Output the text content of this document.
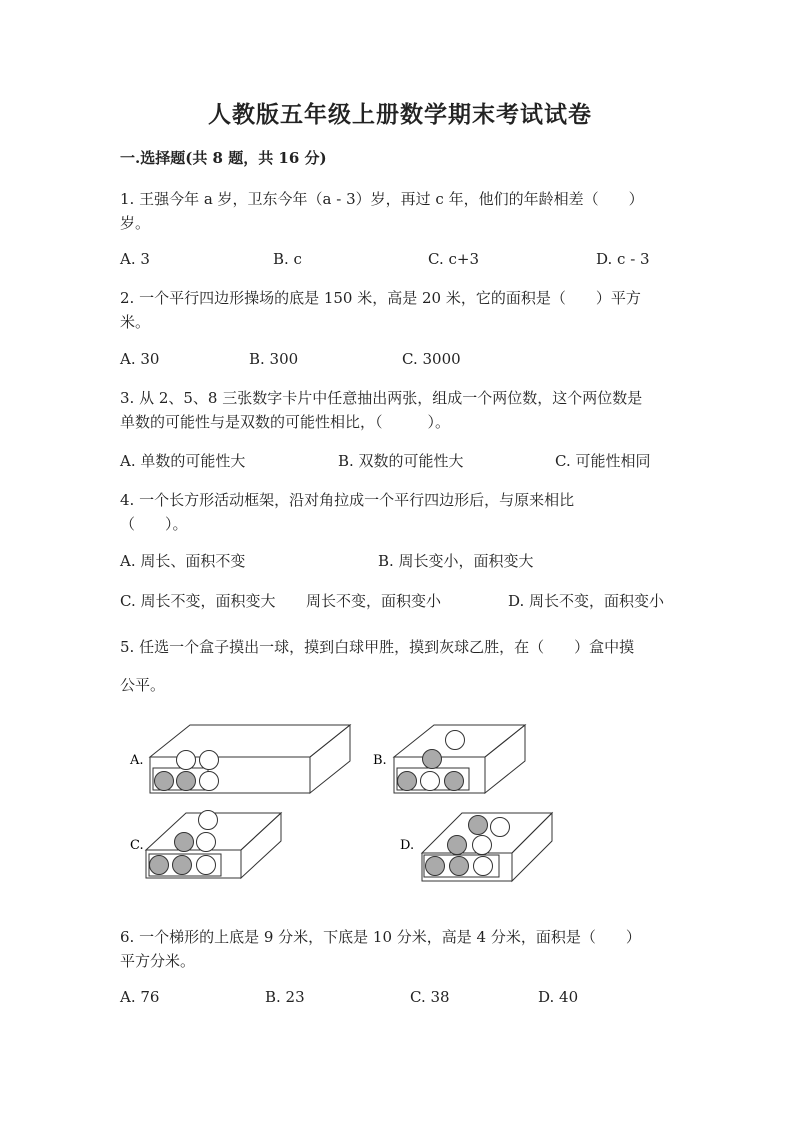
人教版五年级上册数学期末考试试卷
一.选择题(共 8 题，共 16 分)
1. 王强今年 a 岁，卫东今年（a - 3）岁，再过 c 年，他们的年龄相差（　　）
岁。
A. 3	B. c	C. c+3	D. c - 3
2. 一个平行四边形操场的底是 150 米，高是 20 米，它的面积是（　　）平方
米。
A. 30	B. 300	C. 3000
3. 从 2、5、8 三张数字卡片中任意抽出两张，组成一个两位数，这个两位数是
单数的可能性与是双数的可能性相比，（　　　）。
A. 单数的可能性大	B. 双数的可能性大	C. 可能性相同
4. 一个长方形活动框架，沿对角拉成一个平行四边形后，与原来相比
（　　）。
A. 周长、面积不变	B. 周长变小，面积变大
C. 周长不变，面积变大 周长不变，面积变小	D. 周长不变，面积变小
5. 任选一个盒子摸出一球，摸到白球甲胜，摸到灰球乙胜，在（　　）盒中摸
公平。
A.	B.
C.	D.
6. 一个梯形的上底是 9 分米，下底是 10 分米，高是 4 分米，面积是（　　）
平方分米。
A. 76	B. 23	C. 38	D. 40
